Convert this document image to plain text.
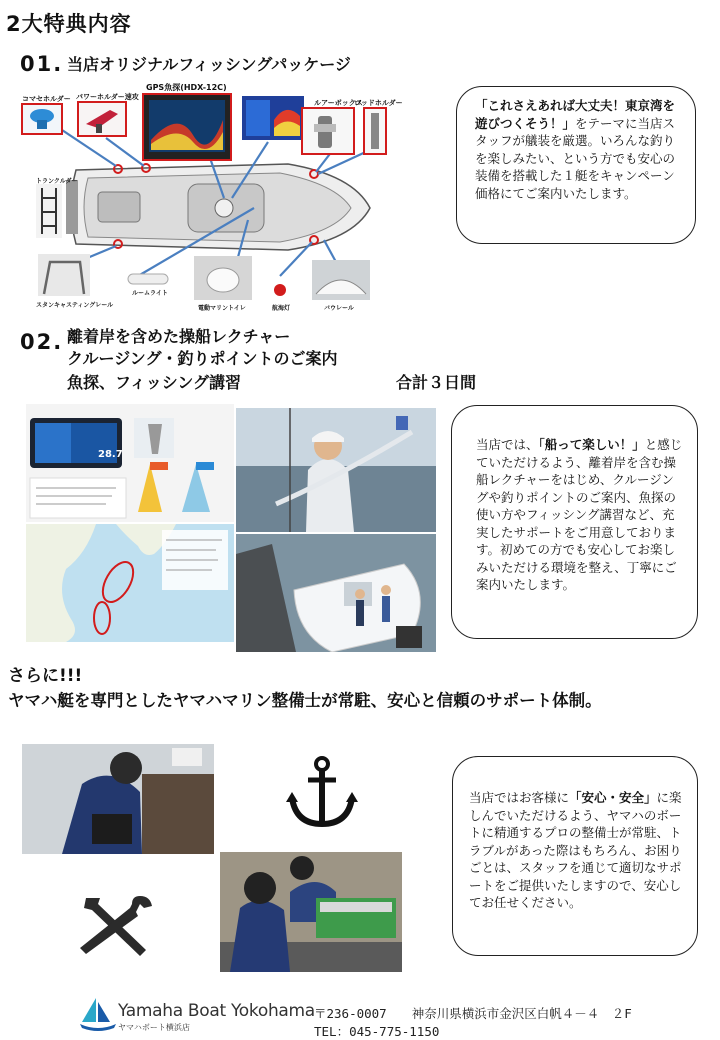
2大特典内容
01. 当店オリジナルフィッシングパッケージ
コマセホルダー パワーホルダー速攻
GPS魚探(HDX-12C)
ルアーボックス
ロッドホルダー
トランクルダー
スタンキャスティングレール
ルームライト
電動マリントイレ	航海灯	バウレール
「これさえあれば大丈夫！東京湾を遊びつくそう！」をテーマに当店スタッフが艤装を厳選。いろんな釣りを楽しみたい、という方でも安心の装備を搭載した１艇をキャンペーン価格にてご案内いたします。
02. 離着岸を含めた操船レクチャー
クルージング・釣りポイントのご案内
魚探、フィッシング講習	合計３日間
28.7
当店では、「船って楽しい！」と感じていただけるよう、離着岸を含む操船レクチャーをはじめ、クルージングや釣りポイントのご案内、魚探の使い方やフィッシング講習など、充実したサポートをご用意しております。初めての方でも安心してお楽しみいただける環境を整え、丁寧にご案内いたします。
さらに!!!
ヤマハ艇を専門としたヤマハマリン整備士が常駐、安心と信頼のサポート体制。
当店ではお客様に「安心・安全」に楽しんでいただけるよう、ヤマハのボートに精通するプロの整備士が常駐、トラブルがあった際はもちろん、お困りごとは、スタッフを通じて適切なサポートをご提供いたしますので、安心してお任せください。
Yamaha Boat Yokohama
ヤマハボート横浜店
〒236-0007　　神奈川県横浜市金沢区白帆４－４　２F
TEL：045-775-1150
